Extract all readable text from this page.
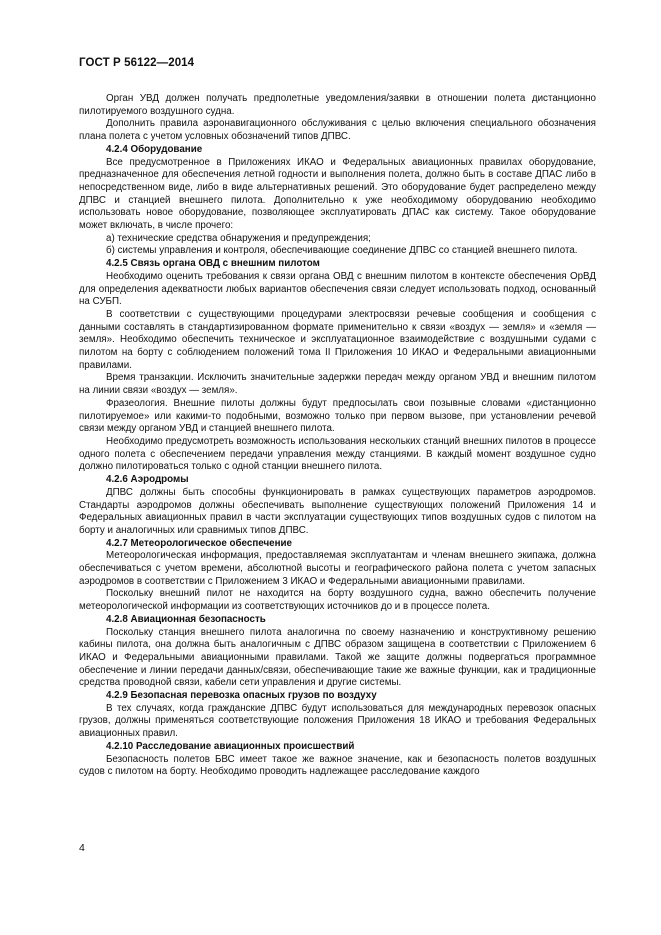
ГОСТ Р 56122—2014

Орган УВД должен получать предполетные уведомления/заявки в отношении полета дистанционно пилотируемого воздушного судна.

Дополнить правила аэронавигационного обслуживания с целью включения специального обозначения плана полета с учетом условных обозначений типов ДПВС.

4.2.4 Оборудование

Все предусмотренное в Приложениях ИКАО и Федеральных авиационных правилах оборудование, предназначенное для обеспечения летной годности и выполнения полета, должно быть в составе ДПАС либо в непосредственном виде, либо в виде альтернативных решений. Это оборудование будет распределено между ДПВС и станцией внешнего пилота. Дополнительно к уже необходимому оборудованию необходимо использовать новое оборудование, позволяющее эксплуатировать ДПАС как систему. Такое оборудование может включать, в числе прочего:

а) технические средства обнаружения и предупреждения;

б) системы управления и контроля, обеспечивающие соединение ДПВС со станцией внешнего пилота.

4.2.5 Связь органа ОВД с внешним пилотом

Необходимо оценить требования к связи органа ОВД с внешним пилотом в контексте обеспечения ОрВД для определения адекватности любых вариантов обеспечения связи следует использовать подход, основанный на СУБП.

В соответствии с существующими процедурами электросвязи речевые сообщения и сообщения с данными составлять в стандартизированном формате применительно к связи «воздух — земля» и «земля — земля». Необходимо обеспечить техническое и эксплуатационное взаимодействие с воздушными судами с пилотом на борту с соблюдением положений тома II Приложения 10 ИКАО и Федеральными авиационными правилами.

Время транзакции. Исключить значительные задержки передач между органом УВД и внешним пилотом на линии связи «воздух — земля».

Фразеология. Внешние пилоты должны будут предпосылать свои позывные словами «дистанционно пилотируемое» или какими-то подобными, возможно только при первом вызове, при установлении речевой связи между органом УВД и станцией внешнего пилота.

Необходимо предусмотреть возможность использования нескольких станций внешних пилотов в процессе одного полета с обеспечением передачи управления между станциями. В каждый момент воздушное судно должно пилотироваться только с одной станции внешнего пилота.

4.2.6 Аэродромы

ДПВС должны быть способны функционировать в рамках существующих параметров аэродромов. Стандарты аэродромов должны обеспечивать выполнение существующих положений Приложения 14 и Федеральных авиационных правил в части эксплуатации существующих типов воздушных судов с пилотом на борту и аналогичных или сравнимых типов ДПВС.

4.2.7 Метеорологическое обеспечение

Метеорологическая информация, предоставляемая эксплуатантам и членам внешнего экипажа, должна обеспечиваться с учетом времени, абсолютной высоты и географического района полета с учетом запасных аэродромов в соответствии с Приложением 3 ИКАО и Федеральными авиационными правилами.

Поскольку внешний пилот не находится на борту воздушного судна, важно обеспечить получение метеорологической информации из соответствующих источников до и в процессе полета.

4.2.8 Авиационная безопасность

Поскольку станция внешнего пилота аналогична по своему назначению и конструктивному решению кабины пилота, она должна быть аналогичным с ДПВС образом защищена в соответствии с Приложением 6 ИКАО и Федеральными авиационными правилами. Такой же защите должны подвергаться программное обеспечение и линии передачи данных/связи, обеспечивающие такие же важные функции, как и традиционные средства проводной связи, кабели сети управления и другие системы.

4.2.9 Безопасная перевозка опасных грузов по воздуху

В тех случаях, когда гражданские ДПВС будут использоваться для международных перевозок опасных грузов, должны применяться соответствующие положения Приложения 18 ИКАО и требования Федеральных авиационных правил.

4.2.10 Расследование авиационных происшествий

Безопасность полетов БВС имеет такое же важное значение, как и безопасность полетов воздушных судов с пилотом на борту. Необходимо проводить надлежащее расследование каждого

4
